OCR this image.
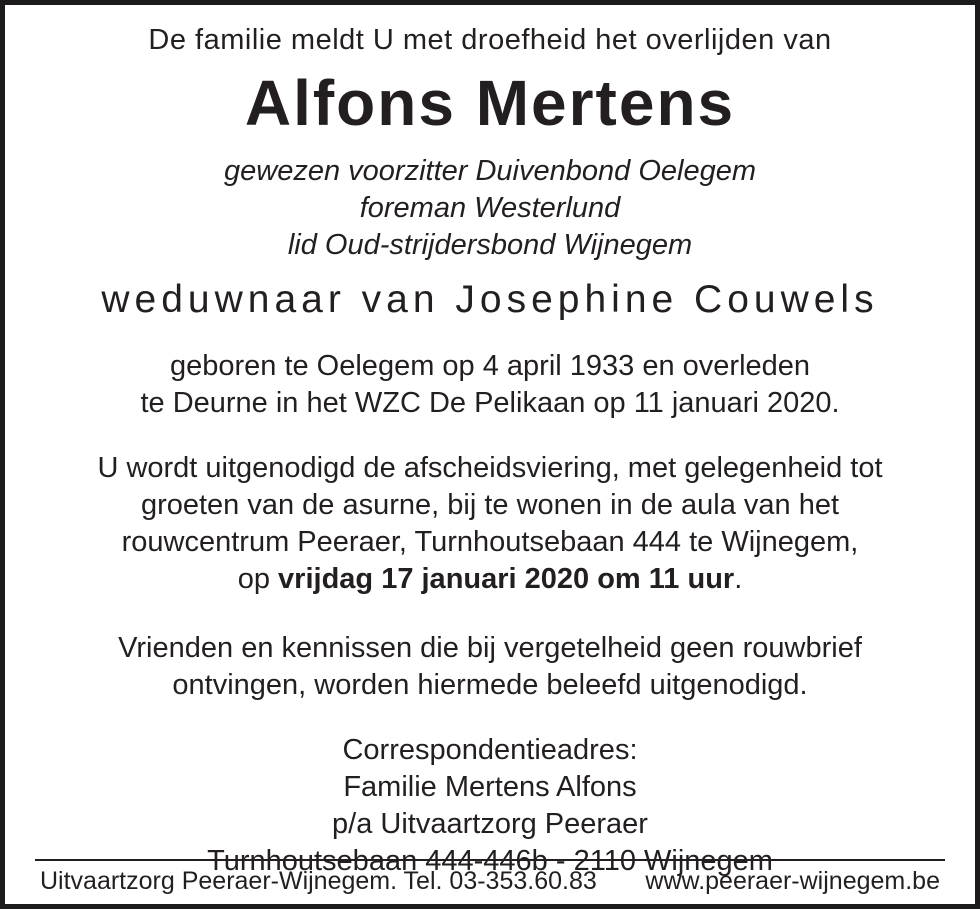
De familie meldt U met droefheid het overlijden van
Alfons Mertens
gewezen voorzitter Duivenbond Oelegem
foreman Westerlund
lid Oud-strijdersbond Wijnegem
weduwnaar van Josephine Couwels
geboren te Oelegem op 4 april 1933 en overleden
te Deurne in het WZC De Pelikaan op 11 januari 2020.
U wordt uitgenodigd de afscheidsviering, met gelegenheid tot
groeten van de asurne, bij te wonen in de aula van het
rouwcentrum Peeraer, Turnhoutsebaan 444 te Wijnegem,
op vrijdag 17 januari 2020 om 11 uur.
Vrienden en kennissen die bij vergetelheid geen rouwbrief
ontvingen, worden hiermede beleefd uitgenodigd.
Correspondentieadres:
Familie Mertens Alfons
p/a Uitvaartzorg Peeraer
Turnhoutsebaan 444-446b - 2110 Wijnegem
Uitvaartzorg Peeraer-Wijnegem. Tel. 03-353.60.83 www.peeraer-wijnegem.be
